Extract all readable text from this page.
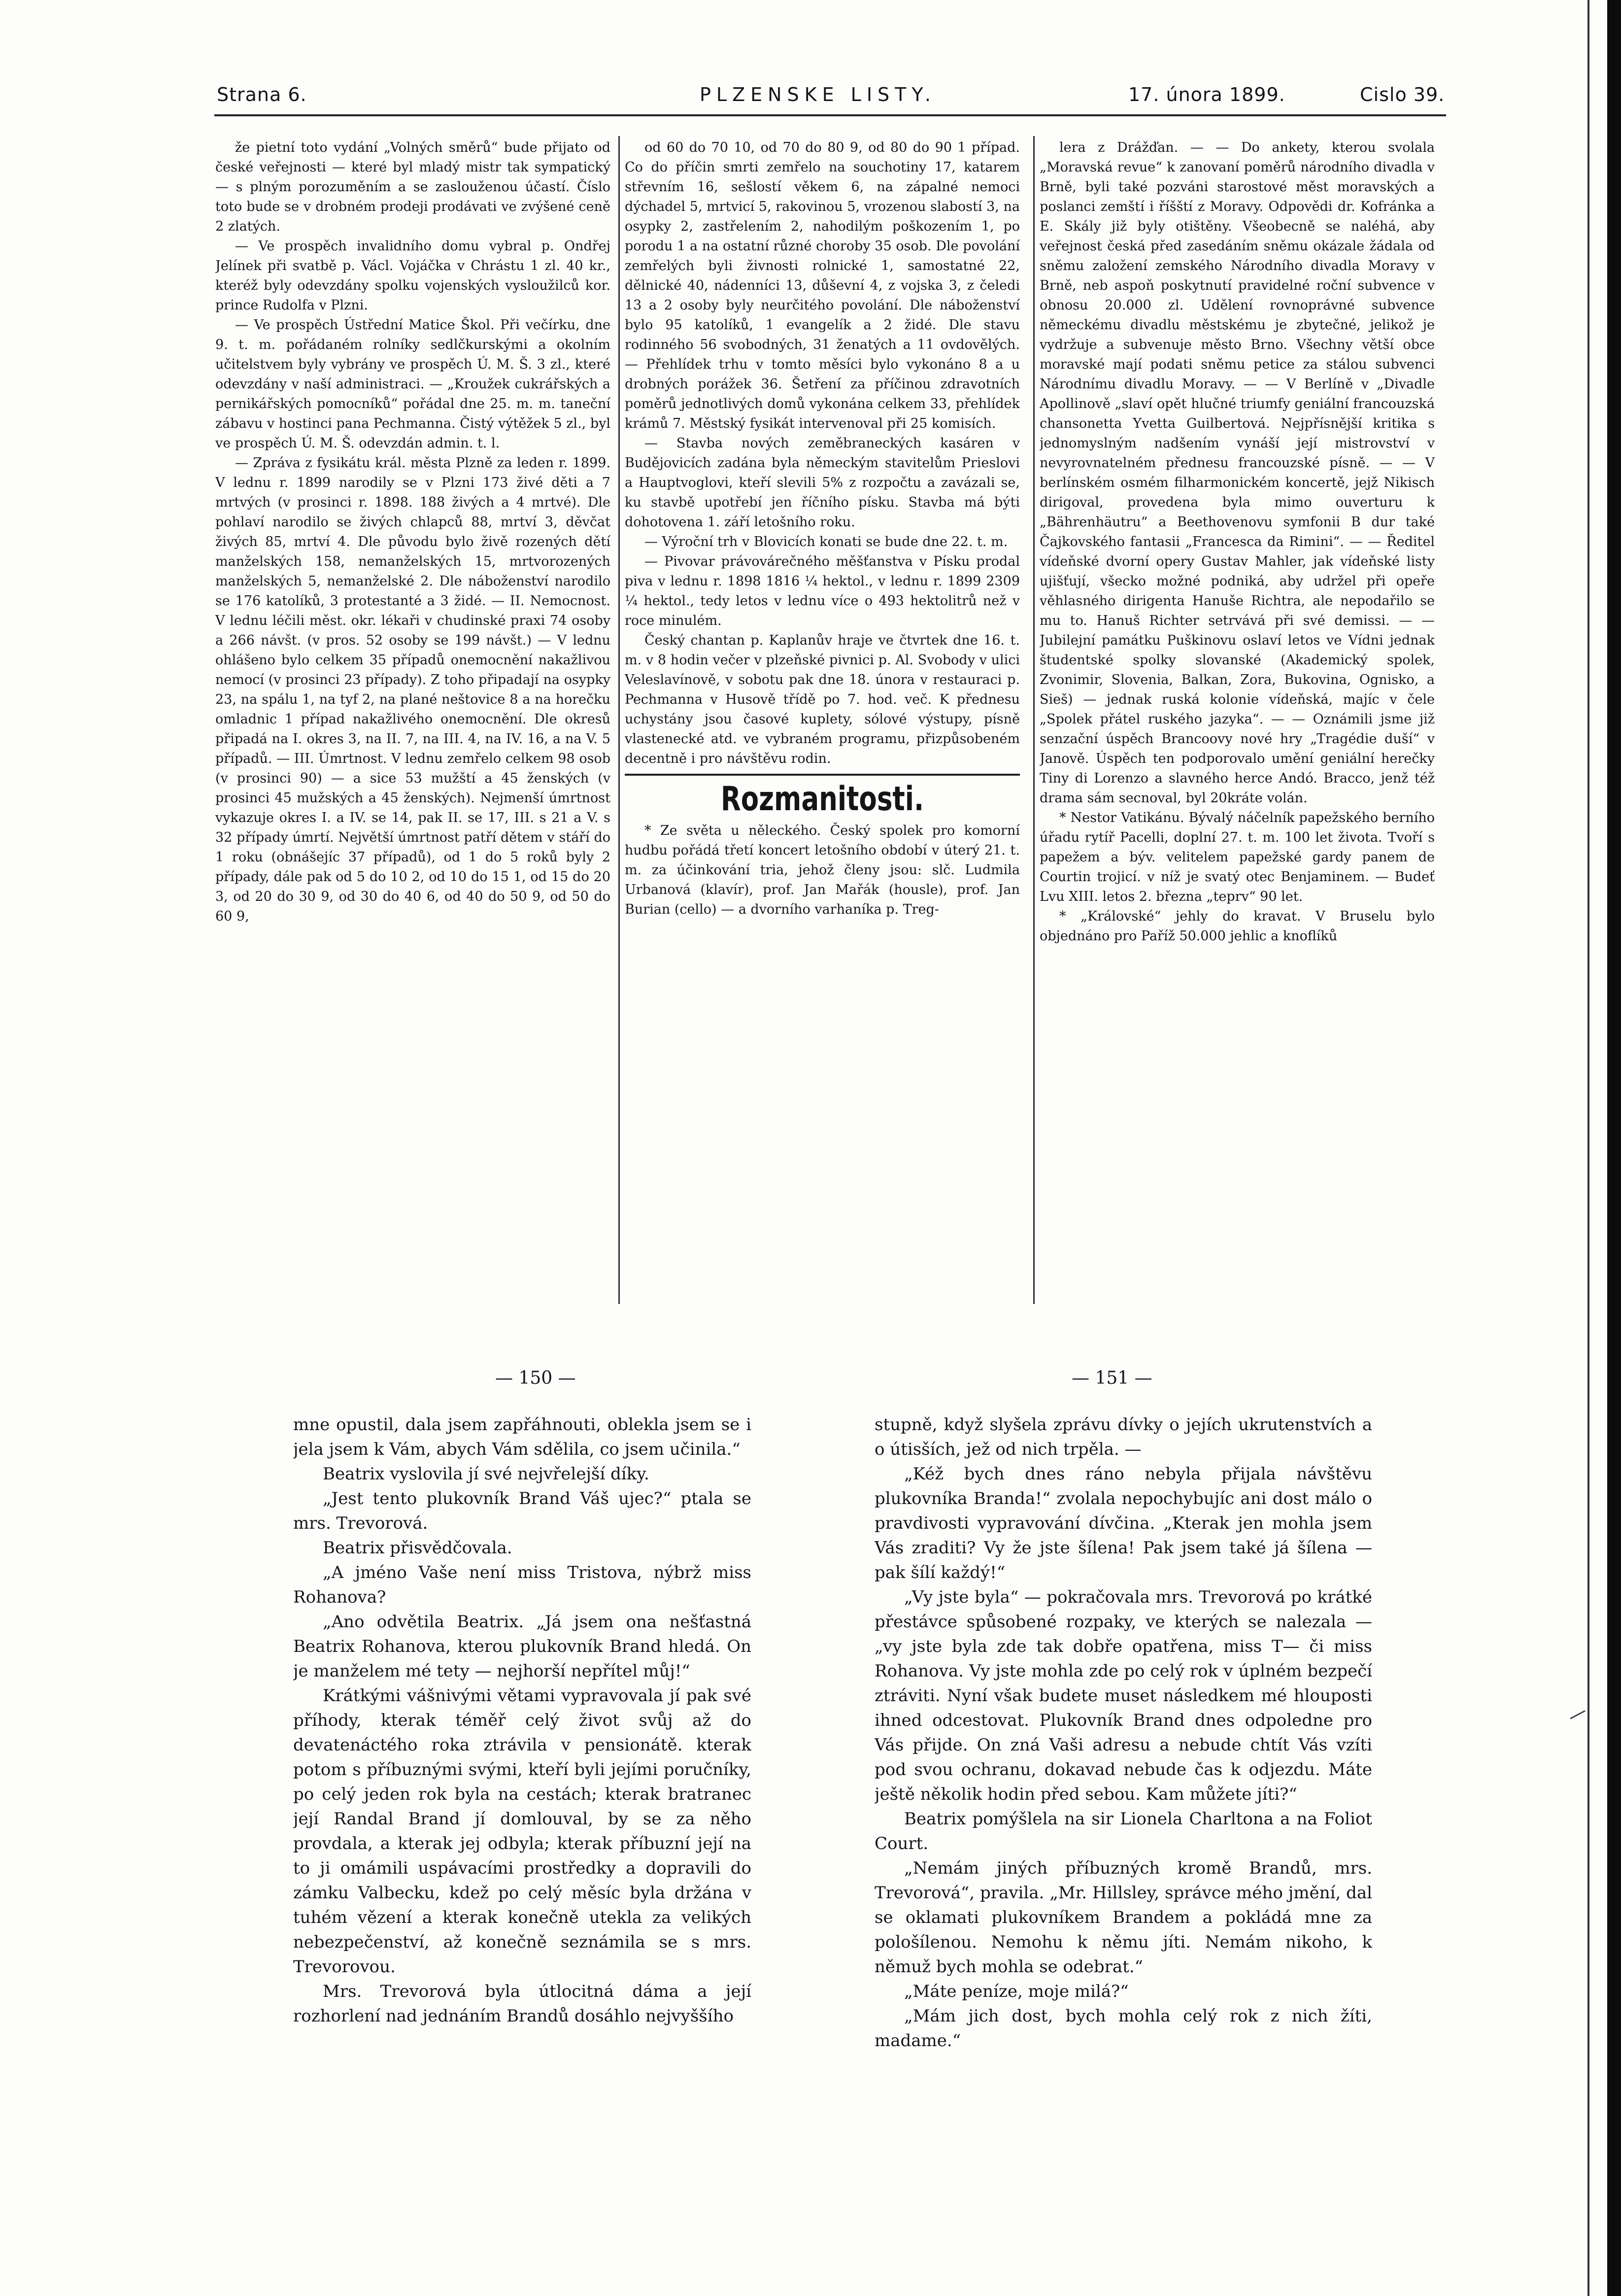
Strana 6.	PLZENSKE LISTY.	17. února 1899.	Cislo 39.

že pietní toto vydání „Volných směrů“ bude přijato od české veřejnosti — které byl mladý mistr tak sympatický — s plným porozuměním a se zaslouženou účastí. Číslo toto bude se v drobném prodeji prodávati ve zvýšené ceně 2 zlatých.

— Ve prospěch invalidního domu vybral p. Ondřej Jelínek při svatbě p. Václ. Vojáčka v Chrástu 1 zl. 40 kr., kteréž byly odevzdány spolku vojenských vysloužilců kor. prince Rudolfa v Plzni.

— Ve prospěch Ústřední Matice Škol. Při večírku, dne 9. t. m. pořádaném rolníky sedlčkurskými a okolním učitelstvem byly vybrány ve prospěch Ú. M. Š. 3 zl., které odevzdány v naší administraci. — „Kroužek cukrářských a pernikářských pomocníků“ pořádal dne 25. m. m. taneční zábavu v hostinci pana Pechmanna. Čistý výtěžek 5 zl., byl ve prospěch Ú. M. Š. odevzdán admin. t. l.

— Zpráva z fysikátu král. města Plzně za leden r. 1899. V lednu r. 1899 narodily se v Plzni 173 živé děti a 7 mrtvých (v prosinci r. 1898. 188 živých a 4 mrtvé). Dle pohlaví narodilo se živých chlapců 88, mrtví 3, děvčat živých 85, mrtví 4. Dle původu bylo živě rozených dětí manželských 158, nemanželských 15, mrtvorozených manželských 5, nemanželské 2. Dle náboženství narodilo se 176 katolíků, 3 protestanté a 3 židé. — II. Nemocnost. V lednu léčili měst. okr. lékaři v chudinské praxi 74 osoby a 266 návšt. (v pros. 52 osoby se 199 návšt.) — V lednu ohlášeno bylo celkem 35 případů onemocnění nakažlivou nemocí (v prosinci 23 případy). Z toho připadají na osypky 23, na spálu 1, na tyf 2, na plané neštovice 8 a na horečku omladnic 1 případ nakažlivého onemocnění. Dle okresů připadá na I. okres 3, na II. 7, na III. 4, na IV. 16, a na V. 5 případů. — III. Úmrtnost. V lednu zemřelo celkem 98 osob (v prosinci 90) — a sice 53 mužští a 45 ženských (v prosinci 45 mužských a 45 ženských). Nejmenší úmrtnost vykazuje okres I. a IV. se 14, pak II. se 17, III. s 21 a V. s 32 případy úmrtí. Největší úmrtnost patří dětem v stáří do 1 roku (obnášejíc 37 případů), od 1 do 5 roků byly 2 případy, dále pak od 5 do 10 2, od 10 do 15 1, od 15 do 20 3, od 20 do 30 9, od 30 do 40 6, od 40 do 50 9, od 50 do 60 9,

od 60 do 70 10, od 70 do 80 9, od 80 do 90 1 případ. Co do příčin smrti zemřelo na souchotiny 17, katarem střevním 16, sešlostí věkem 6, na zápalné nemoci dýchadel 5, mrtvicí 5, rakovinou 5, vrozenou slabostí 3, na osypky 2, zastřelením 2, nahodilým poškozením 1, po porodu 1 a na ostatní různé choroby 35 osob. Dle povolání zemřelých byli živnosti rolnické 1, samostatné 22, dělnické 40, nádenníci 13, důševní 4, z vojska 3, z čeledi 13 a 2 osoby byly neurčitého povolání. Dle náboženství bylo 95 katolíků, 1 evangelík a 2 židé. Dle stavu rodinného 56 svobodných, 31 ženatých a 11 ovdovělých. — Přehlídek trhu v tomto měsíci bylo vykonáno 8 a u drobných porážek 36. Šetření za příčinou zdravotních poměrů jednotlivých domů vykonána celkem 33, přehlídek krámů 7. Městský fysikát intervenoval při 25 komisích.

— Stavba nových zeměbraneckých kasáren v Budějovicích zadána byla německým stavitelům Prieslovi a Hauptvoglovi, kteří slevili 5% z rozpočtu a zavázali se, ku stavbě upotřebí jen říčního písku. Stavba má býti dohotovena 1. září letošního roku.

— Výroční trh v Blovicích konati se bude dne 22. t. m.

— Pivovar právovárečného měšťanstva v Písku prodal piva v lednu r. 1898 1816 ¼ hektol., v lednu r. 1899 2309 ¼ hektol., tedy letos v lednu více o 493 hektolitrů než v roce minulém.

Český chantan p. Kaplanův hraje ve čtvrtek dne 16. t. m. v 8 hodin večer v plzeňské pivnici p. Al. Svobody v ulici Veleslavínově, v sobotu pak dne 18. února v restauraci p. Pechmanna v Husově třídě po 7. hod. več. K přednesu uchystány jsou časové kuplety, sólové výstupy, písně vlastenecké atd. ve vybraném programu, přizpůsobeném decentně i pro návštěvu rodin.

Rozmanitosti.

* Ze světa u něleckého. Český spolek pro komorní hudbu pořádá třetí koncert letošního období v úterý 21. t. m. za účinkování tria, jehož členy jsou: slč. Ludmila Urbanová (klavír), prof. Jan Mařák (housle), prof. Jan Burian (cello) — a dvorního varhaníka p. Treg-

lera z Drážďan. — — Do ankety, kterou svolala „Moravská revue“ k zanovaní poměrů národního divadla v Brně, byli také pozváni starostové měst moravských a poslanci zemští i říšští z Moravy. Odpovědi dr. Kofránka a E. Skály již byly otištěny. Všeobecně se naléhá, aby veřejnost česká před zasedáním sněmu okázale žádala od sněmu založení zemského Národního divadla Moravy v Brně, neb aspoň poskytnutí pravidelné roční subvence v obnosu 20.000 zl. Udělení rovnoprávné subvence německému divadlu městskému je zbytečné, jelikož je vydržuje a subvenuje město Brno. Všechny větší obce moravské mají podati sněmu petice za stálou subvenci Národnímu divadlu Moravy. — — V Berlíně v „Divadle Apollinově „slaví opět hlučné triumfy geniální francouzská chansonetta Yvetta Guilbertová. Nejpřísnější kritika s jednomyslným nadšením vynáší její mistrovství v nevyrovnatelném přednesu francouzské písně. — — V berlínském osmém filharmonickém koncertě, jejž Nikisch dirigoval, provedena byla mimo ouverturu k „Bährenhäutru“ a Beethovenovu symfonii B dur také Čajkovského fantasii „Francesca da Rimini“. — — Ředitel vídeňské dvorní opery Gustav Mahler, jak vídeňské listy ujišťují, všecko možné podniká, aby udržel při opeře věhlasného dirigenta Hanuše Richtra, ale nepodařilo se mu to. Hanuš Richter setrvává při své demissi. — — Jubilejní památku Puškinovu oslaví letos ve Vídni jednak študentské spolky slovanské (Akademický spolek, Zvonimir, Slovenia, Balkan, Zora, Bukovina, Ognisko, a Sieš) — jednak ruská kolonie vídeňská, majíc v čele „Spolek přátel ruského jazyka“. — — Oznámili jsme již senzační úspěch Brancoovy nové hry „Tragédie duší“ v Janově. Úspěch ten podporovalo umění geniální herečky Tiny di Lorenzo a slavného herce Andó. Bracco, jenž též drama sám secnoval, byl 20kráte volán.

* Nestor Vatikánu. Bývalý náčelník papežského berního úřadu rytíř Pacelli, doplní 27. t. m. 100 let života. Tvoří s papežem a býv. velitelem papežské gardy panem de Courtin trojicí. v níž je svatý otec Benjaminem. — Budeť Lvu XIII. letos 2. března „teprv“ 90 let.

* „Královské“ jehly do kravat. V Bruselu bylo objednáno pro Paříž 50.000 jehlic a knoflíků

— 150 —	— 151 —

mne opustil, dala jsem zapřáhnouti, oblekla jsem se i jela jsem k Vám, abych Vám sdělila, co jsem učinila.“

Beatrix vyslovila jí své nejvřelejší díky.

„Jest tento plukovník Brand Váš ujec?“ ptala se mrs. Trevorová.

Beatrix přisvědčovala.

„A jméno Vaše není miss Tristova, nýbrž miss Rohanova?

„Ano odvětila Beatrix. „Já jsem ona nešťastná Beatrix Rohanova, kterou plukovník Brand hledá. On je manželem mé tety — nejhorší nepřítel můj!“

Krátkými vášnivými větami vypravovala jí pak své příhody, kterak téměř celý život svůj až do devatenáctého roka ztrávila v pensionátě. kterak potom s příbuznými svými, kteří byli jejími poručníky, po celý jeden rok byla na cestách; kterak bratranec její Randal Brand jí domlouval, by se za něho provdala, a kterak jej odbyla; kterak příbuzní její na to ji omámili uspávacími prostředky a dopravili do zámku Valbecku, kdež po celý měsíc byla držána v tuhém vězení a kterak konečně utekla za velikých nebezpečenství, až konečně seznámila se s mrs. Trevorovou.

Mrs. Trevorová byla útlocitná dáma a její rozhorlení nad jednáním Brandů dosáhlo nejvyššího

stupně, když slyšela zprávu dívky o jejích ukrutenstvích a o útisších, jež od nich trpěla. —

„Kéž bych dnes ráno nebyla přijala návštěvu plukovníka Branda!“ zvolala nepochybujíc ani dost málo o pravdivosti vypravování dívčina. „Kterak jen mohla jsem Vás zraditi? Vy že jste šílena! Pak jsem také já šílena — pak šílí každý!“

„Vy jste byla“ — pokračovala mrs. Trevorová po krátké přestávce spůsobené rozpaky, ve kterých se nalezala — „vy jste byla zde tak dobře opatřena, miss T— či miss Rohanova. Vy jste mohla zde po celý rok v úplném bezpečí ztráviti. Nyní však budete muset následkem mé hlouposti ihned odcestovat. Plukovník Brand dnes odpoledne pro Vás přijde. On zná Vaši adresu a nebude chtít Vás vzíti pod svou ochranu, dokavad nebude čas k odjezdu. Máte ještě několik hodin před sebou. Kam můžete jíti?“

Beatrix pomýšlela na sir Lionela Charltona a na Foliot Court.

„Nemám jiných příbuzných kromě Brandů, mrs. Trevorová“, pravila. „Mr. Hillsley, správce mého jmění, dal se oklamati plukovníkem Brandem a pokládá mne za pološílenou. Nemohu k němu jíti. Nemám nikoho, k němuž bych mohla se odebrat.“

„Máte peníze, moje milá?“

„Mám jich dost, bych mohla celý rok z nich žíti, madame.“
